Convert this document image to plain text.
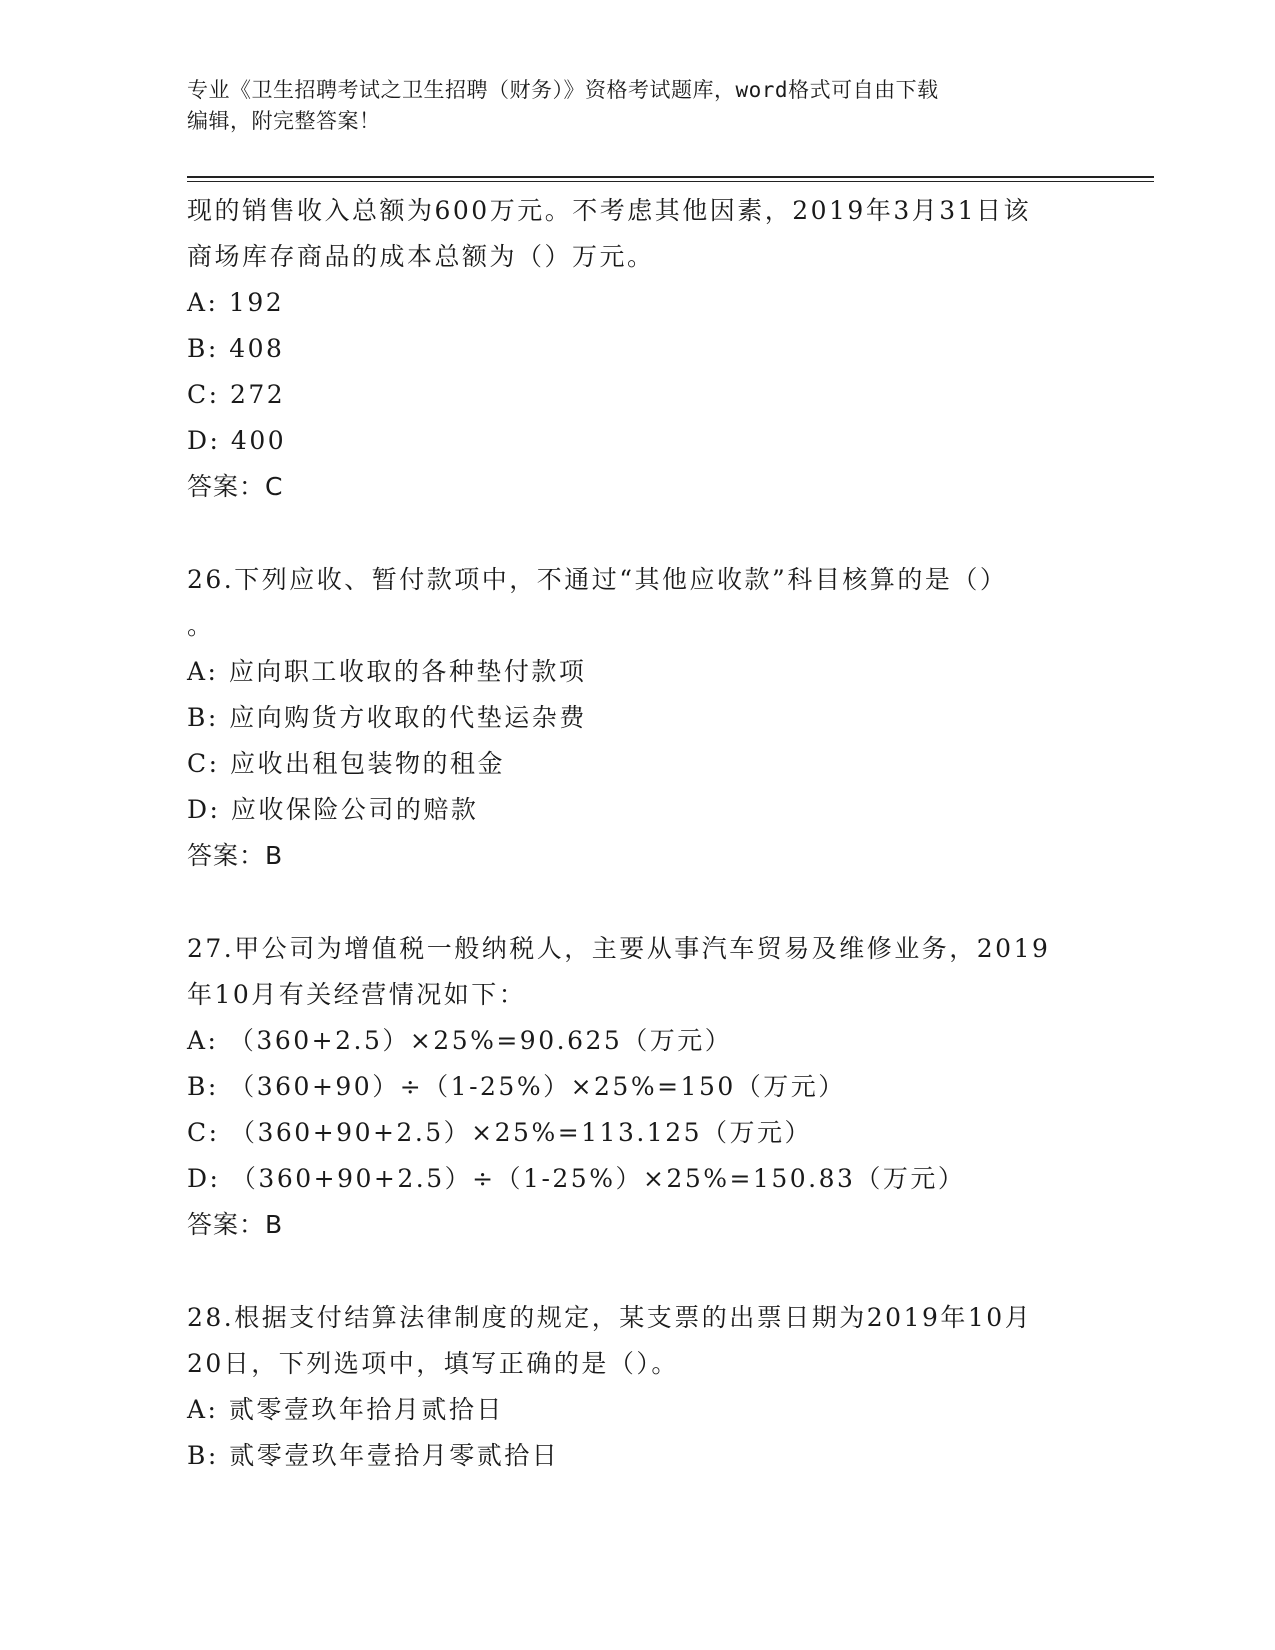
专业《卫生招聘考试之卫生招聘（财务）》资格考试题库，word格式可自由下载
编辑，附完整答案！
现的销售收入总额为600万元。不考虑其他因素，2019年3月31日该
商场库存商品的成本总额为（）万元。
A: 192
B: 408
C: 272
D: 400
答案：C
26.下列应收、暂付款项中，不通过“其他应收款”科目核算的是（）
。
A: 应向职工收取的各种垫付款项
B: 应向购货方收取的代垫运杂费
C: 应收出租包装物的租金
D: 应收保险公司的赔款
答案：B
27.甲公司为增值税一般纳税人，主要从事汽车贸易及维修业务，2019
年10月有关经营情况如下：
A: （360+2.5）×25%=90.625（万元）
B: （360+90）÷（1-25%）×25%=150（万元）
C: （360+90+2.5）×25%=113.125（万元）
D: （360+90+2.5）÷（1-25%）×25%=150.83（万元）
答案：B
28.根据支付结算法律制度的规定，某支票的出票日期为2019年10月
20日，下列选项中，填写正确的是（）。
A: 贰零壹玖年拾月贰拾日
B: 贰零壹玖年壹拾月零贰拾日
